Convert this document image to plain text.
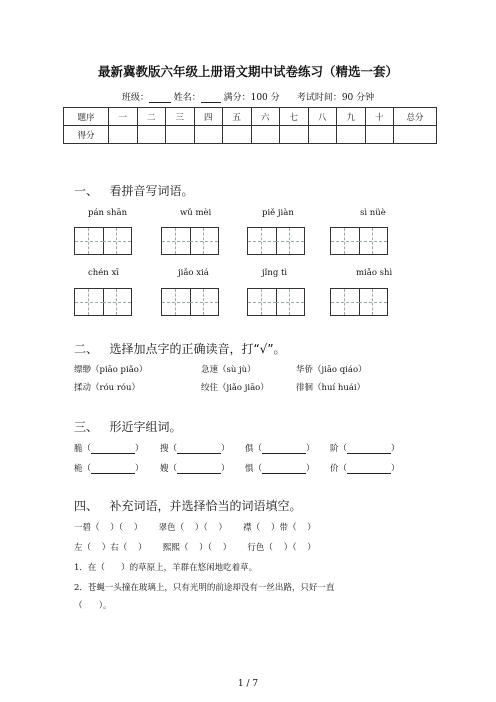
最新冀教版六年级上册语文期中试卷练习（精选一套）
班级：	姓名：	满分：100 分 考试时间：90 分钟
题序	一	二	三	四	五	六	七	八	九	十	总分
得分											
一、 看拼音写词语。
pán shān	wǔ mèi	piě jiàn	sì nüè
chén xī	jiǎo xiá	jǐng tì	miǎo shì
二、 选择加点字的正确读音，打“√”。
缥缈（piāo piǎo）	急速（sù jù）	华侨（jiāo qiáo）
揉动（róu róu）	绞住（jiǎo jiāo）	徘徊（huí huái）
三、 形近字组词。
脆（	） 搜（	） 俱（	） 阶（	）
桅（	） 嫂（	） 惧（	） 价（	）
四、 补充词语，并选择恰当的词语填空。
一碧（    ）（    ）      翠色（    ）（    ）      襟（    ）带（    ）
左（    ）右（    ）      熙熙（    ）（    ）      行色（    ）（    ）
1．在（      ）的草原上，羊群在悠闲地吃着草。
2．苍蝇一头撞在玻璃上，只有光明的前途却没有一丝出路，只好一直
（      ）。
1 / 7
